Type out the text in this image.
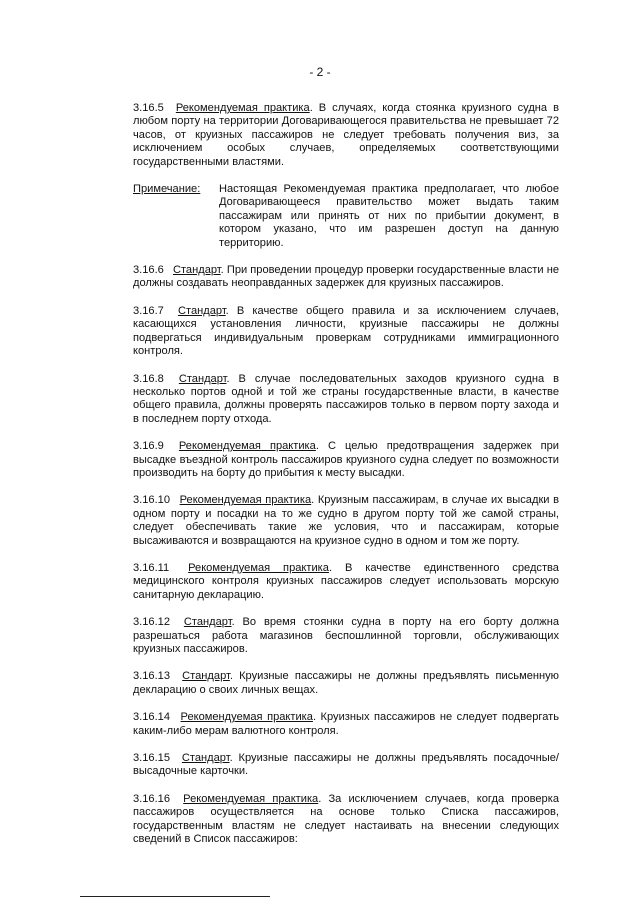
- 2 -

3.16.5 Рекомендуемая практика. В случаях, когда стоянка круизного судна в любом порту на территории Договаривающегося правительства не превышает 72 часов, от круизных пассажиров не следует требовать получения виз, за исключением особых случаев, определяемых соответствующими государственными властями.

Примечание:	Настоящая Рекомендуемая практика предполагает, что любое Договаривающееся правительство может выдать таким пассажирам или принять от них по прибытии документ, в котором указано, что им разрешен доступ на данную территорию.

3.16.6 Стандарт. При проведении процедур проверки государственные власти не должны создавать неоправданных задержек для круизных пассажиров.

3.16.7 Стандарт. В качестве общего правила и за исключением случаев, касающихся установления личности, круизные пассажиры не должны подвергаться индивидуальным проверкам сотрудниками иммиграционного контроля.

3.16.8 Стандарт. В случае последовательных заходов круизного судна в несколько портов одной и той же страны государственные власти, в качестве общего правила, должны проверять пассажиров только в первом порту захода и в последнем порту отхода.

3.16.9 Рекомендуемая практика. С целью предотвращения задержек при высадке въездной контроль пассажиров круизного судна следует по возможности производить на борту до прибытия к месту высадки.

3.16.10 Рекомендуемая практика. Круизным пассажирам, в случае их высадки в одном порту и посадки на то же судно в другом порту той же самой страны, следует обеспечивать такие же условия, что и пассажирам, которые высаживаются и возвращаются на круизное судно в одном и том же порту.

3.16.11 Рекомендуемая практика. В качестве единственного средства медицинского контроля круизных пассажиров следует использовать морскую санитарную декларацию.

3.16.12 Стандарт. Во время стоянки судна в порту на его борту должна разрешаться работа магазинов беспошлинной торговли, обслуживающих круизных пассажиров.

3.16.13 Стандарт. Круизные пассажиры не должны предъявлять письменную декларацию о своих личных вещах.

3.16.14 Рекомендуемая практика. Круизных пассажиров не следует подвергать каким-либо мерам валютного контроля.

3.16.15 Стандарт. Круизные пассажиры не должны предъявлять посадочные/высадочные карточки.

3.16.16 Рекомендуемая практика. За исключением случаев, когда проверка пассажиров осуществляется на основе только Списка пассажиров, государственным властям не следует настаивать на внесении следующих сведений в Список пассажиров:
